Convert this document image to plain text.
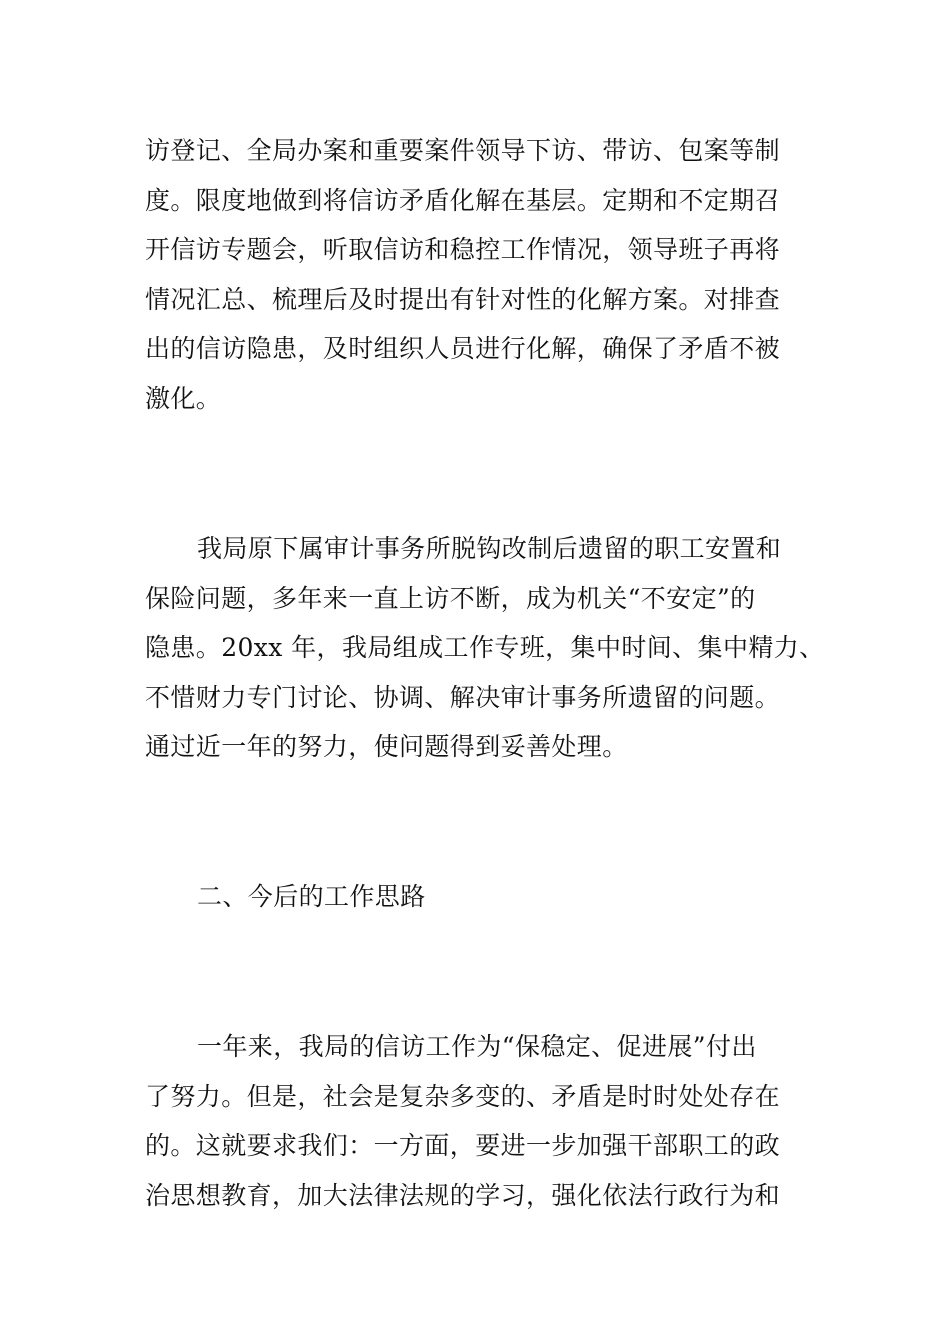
访登记、全局办案和重要案件领导下访、带访、包案等制
度。限度地做到将信访矛盾化解在基层。定期和不定期召
开信访专题会，听取信访和稳控工作情况，领导班子再将
情况汇总、梳理后及时提出有针对性的化解方案。对排查
出的信访隐患，及时组织人员进行化解，确保了矛盾不被
激化。
我局原下属审计事务所脱钩改制后遗留的职工安置和
保险问题，多年来一直上访不断，成为机关“不安定”的
隐患。20xx 年，我局组成工作专班，集中时间、集中精力、
不惜财力专门讨论、协调、解决审计事务所遗留的问题。
通过近一年的努力，使问题得到妥善处理。
二、今后的工作思路
一年来，我局的信访工作为“保稳定、促进展”付出
了努力。但是，社会是复杂多变的、矛盾是时时处处存在
的。这就要求我们：一方面，要进一步加强干部职工的政
治思想教育，加大法律法规的学习，强化依法行政行为和
